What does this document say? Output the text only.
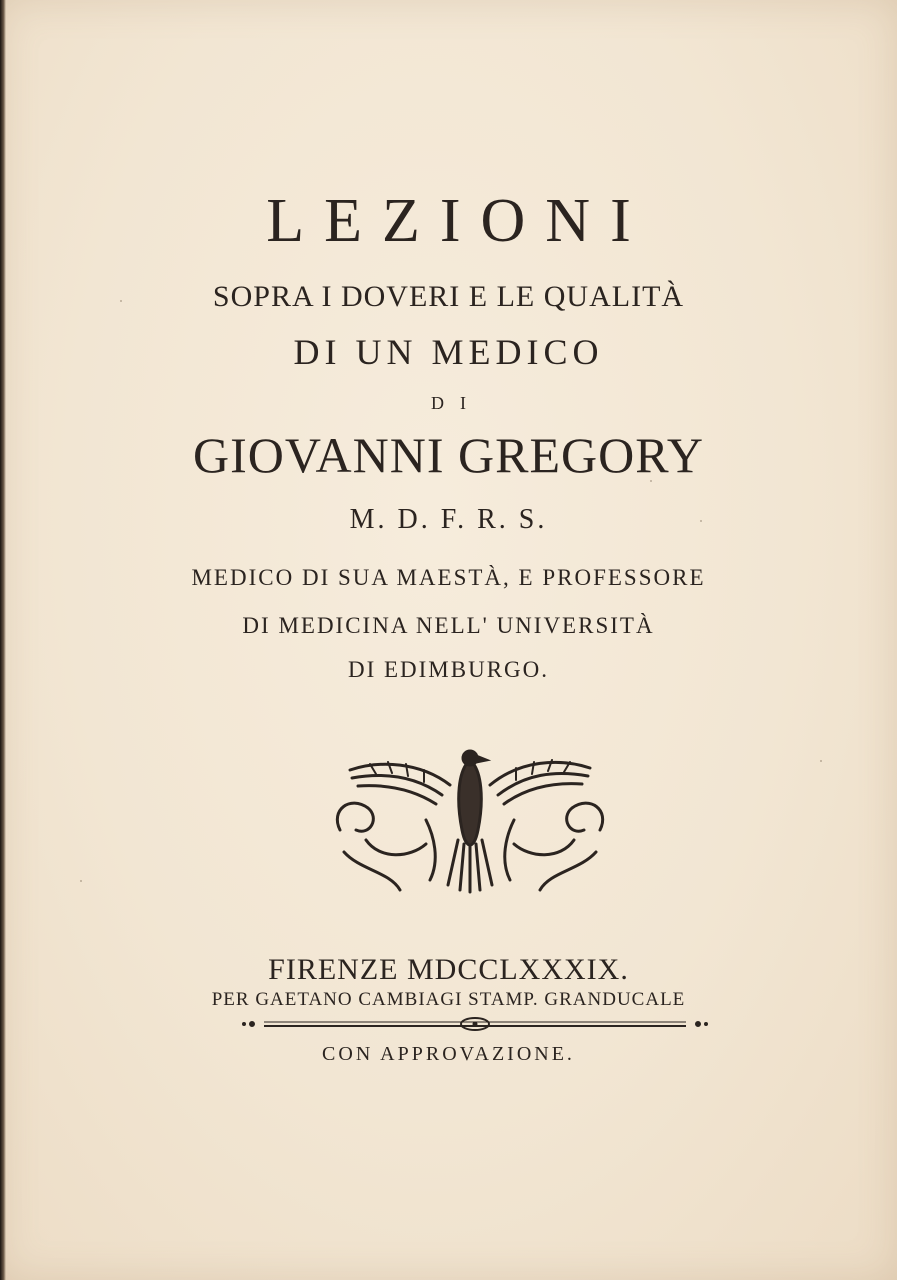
LEZIONI
SOPRA I DOVERI E LE QUALITÀ
DI UN MEDICO
DI
GIOVANNI GREGORY
M. D. F. R. S.
MEDICO DI SUA MAESTÀ, E PROFESSORE
DI MEDICINA NELL' UNIVERSITÀ
DI EDIMBURGO.
FIRENZE MDCCLXXXIX.
PER GAETANO CAMBIAGI STAMP. GRANDUCALE
CON APPROVAZIONE.
